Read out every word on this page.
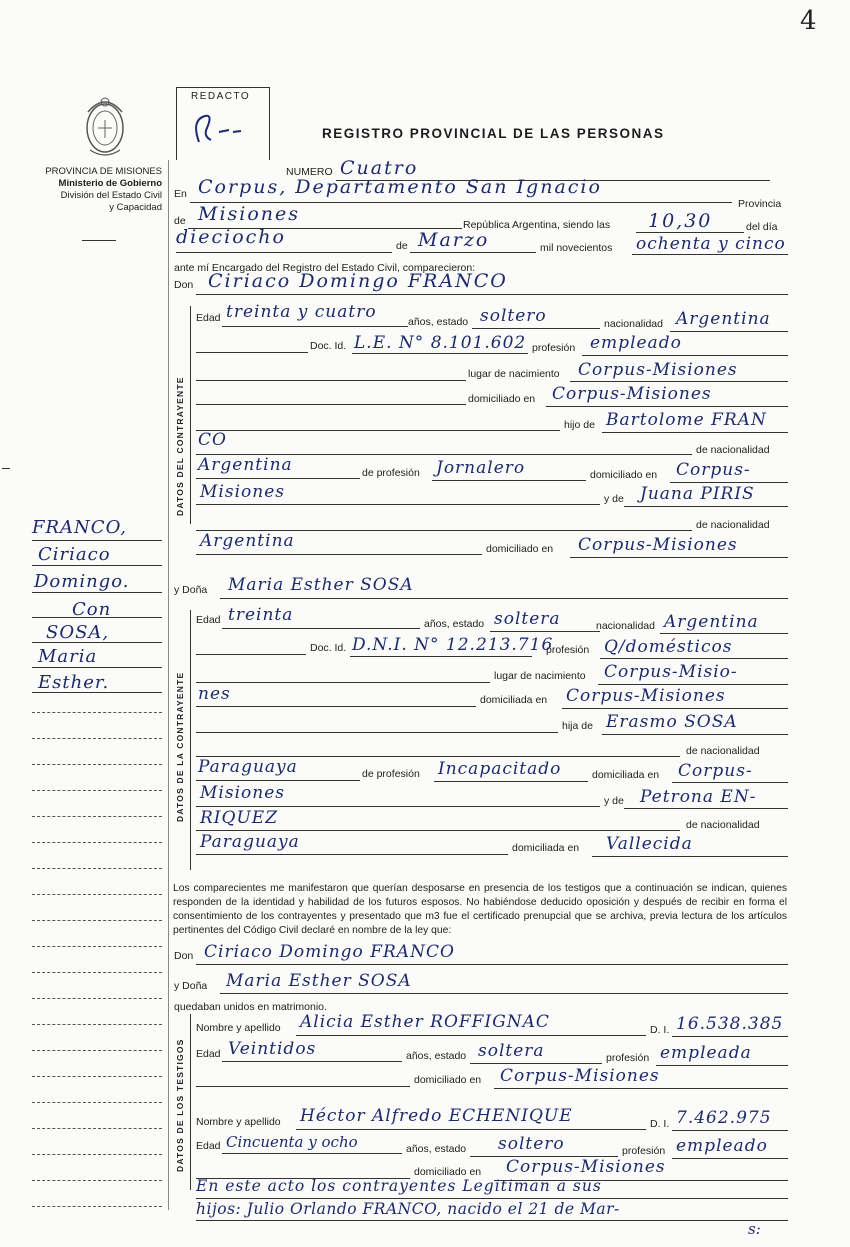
4
PROVINCIA DE MISIONES
Ministerio de Gobierno
División del Estado Civil
y Capacidad
REDACTO
REGISTRO PROVINCIAL DE LAS PERSONAS
NUMERO Cuatro
En Corpus, Departamento San Ignacio
Provincia
de Misiones	República Argentina, siendo las 10,30	del día
dieciocho	de Marzo	mil novecientos ochenta y cinco
ante mí Encargado del Registro del Estado Civil, comparecieron:
Don Ciriaco Domingo FRANCO
DATOS DEL CONTRAYENTE
Edad treinta y cuatro	años, estado soltero	nacionalidad Argentina
Doc. Id. L.E. N° 8.101.602 profesión empleado
lugar de nacimiento Corpus-Misiones
domiciliado en Corpus-Misiones
hijo de Bartolome FRAN
CO	de nacionalidad
Argentina	de profesión Jornalero	domiciliado en Corpus-
Misiones	y de Juana PIRIS
de nacionalidad
Argentina	domiciliado en Corpus-Misiones
y Doña Maria Esther SOSA
DATOS DE LA CONTRAYENTE
Edad treinta	años, estado soltera	nacionalidad Argentina
Doc. Id. D.N.I. N° 12.213.716
profesión Q/domésticos
lugar de nacimiento Corpus-Misio-
nes	domiciliada en Corpus-Misiones
hija de Erasmo SOSA
de nacionalidad
Paraguaya	de profesión Incapacitado	domiciliada en Corpus-
Misiones	y de Petrona EN-
RIQUEZ	de nacionalidad
Paraguaya	domiciliada en Vallecida
Los comparecientes me manifestaron que querían desposarse en presencia de los testigos que a continuación se indican, quienes responden de la identidad y habilidad de los futuros esposos. No habiéndose deducido oposición y después de recibir en forma el consentimiento de los contrayentes y presentado que m3 fue el certificado prenupcial que se archiva, previa lectura de los artículos pertinentes del Código Civil declaré en nombre de la ley que:
Don Ciriaco Domingo FRANCO
y Doña Maria Esther SOSA
quedaban unidos en matrimonio.
DATOS DE LOS TESTIGOS
Nombre y apellido Alicia Esther ROFFIGNAC	D. I. 16.538.385
Edad Veintidos	años, estado soltera	profesión empleada
domiciliado en Corpus-Misiones
Nombre y apellido Héctor Alfredo ECHENIQUE	D. I. 7.462.975
Edad Cincuenta y ocho	años, estado soltero	profesión empleado
domiciliado en Corpus-Misiones
En este acto los contrayentes Legitiman a sus
hijos: Julio Orlando FRANCO, nacido el 21 de Mar-
s:
FRANCO,
Ciriaco
Domingo.
Con
SOSA,
Maria
Esther.
